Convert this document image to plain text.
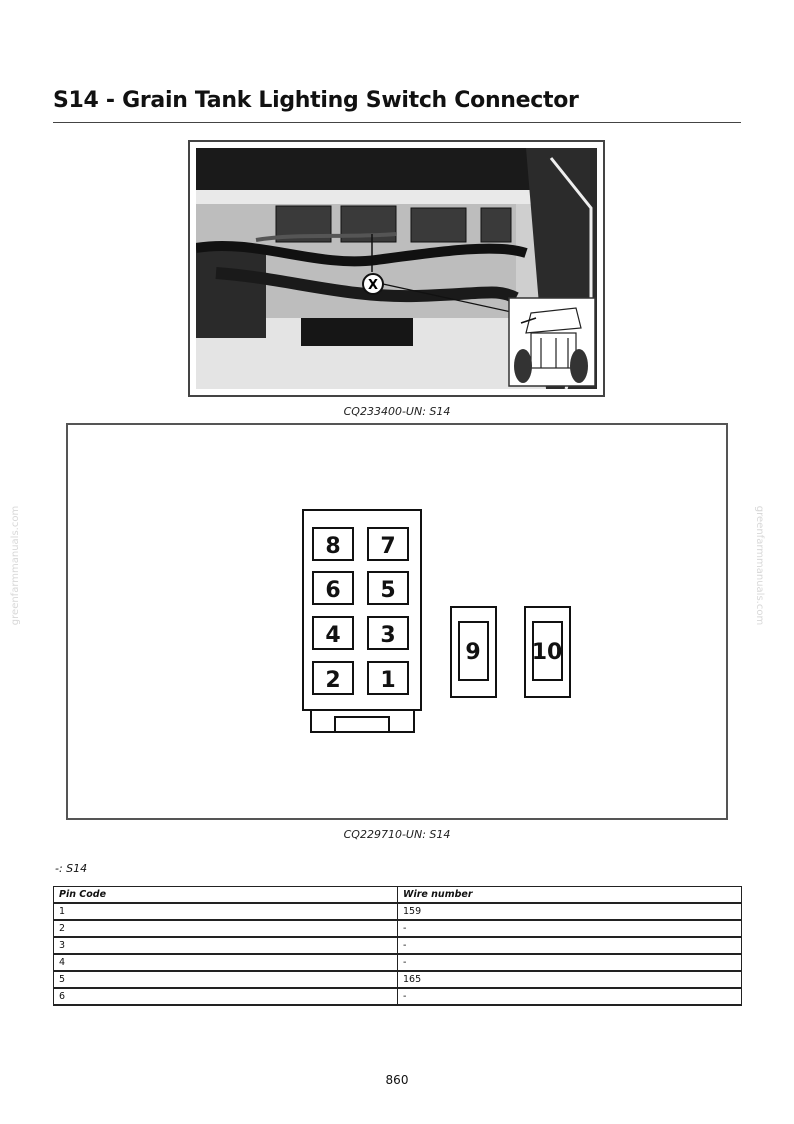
S14 - Grain Tank Lighting Switch Connector
greenfarmmanuals.com	greenfarmmanuals.com
X
CQ233400-UN: S14
8 7
6 5
4 3
2 1
9 10
CQ229710-UN: S14
-: S14
Pin Code	Wire number
1	159
2	-
3	-
4	-
5	165
6	-
860
